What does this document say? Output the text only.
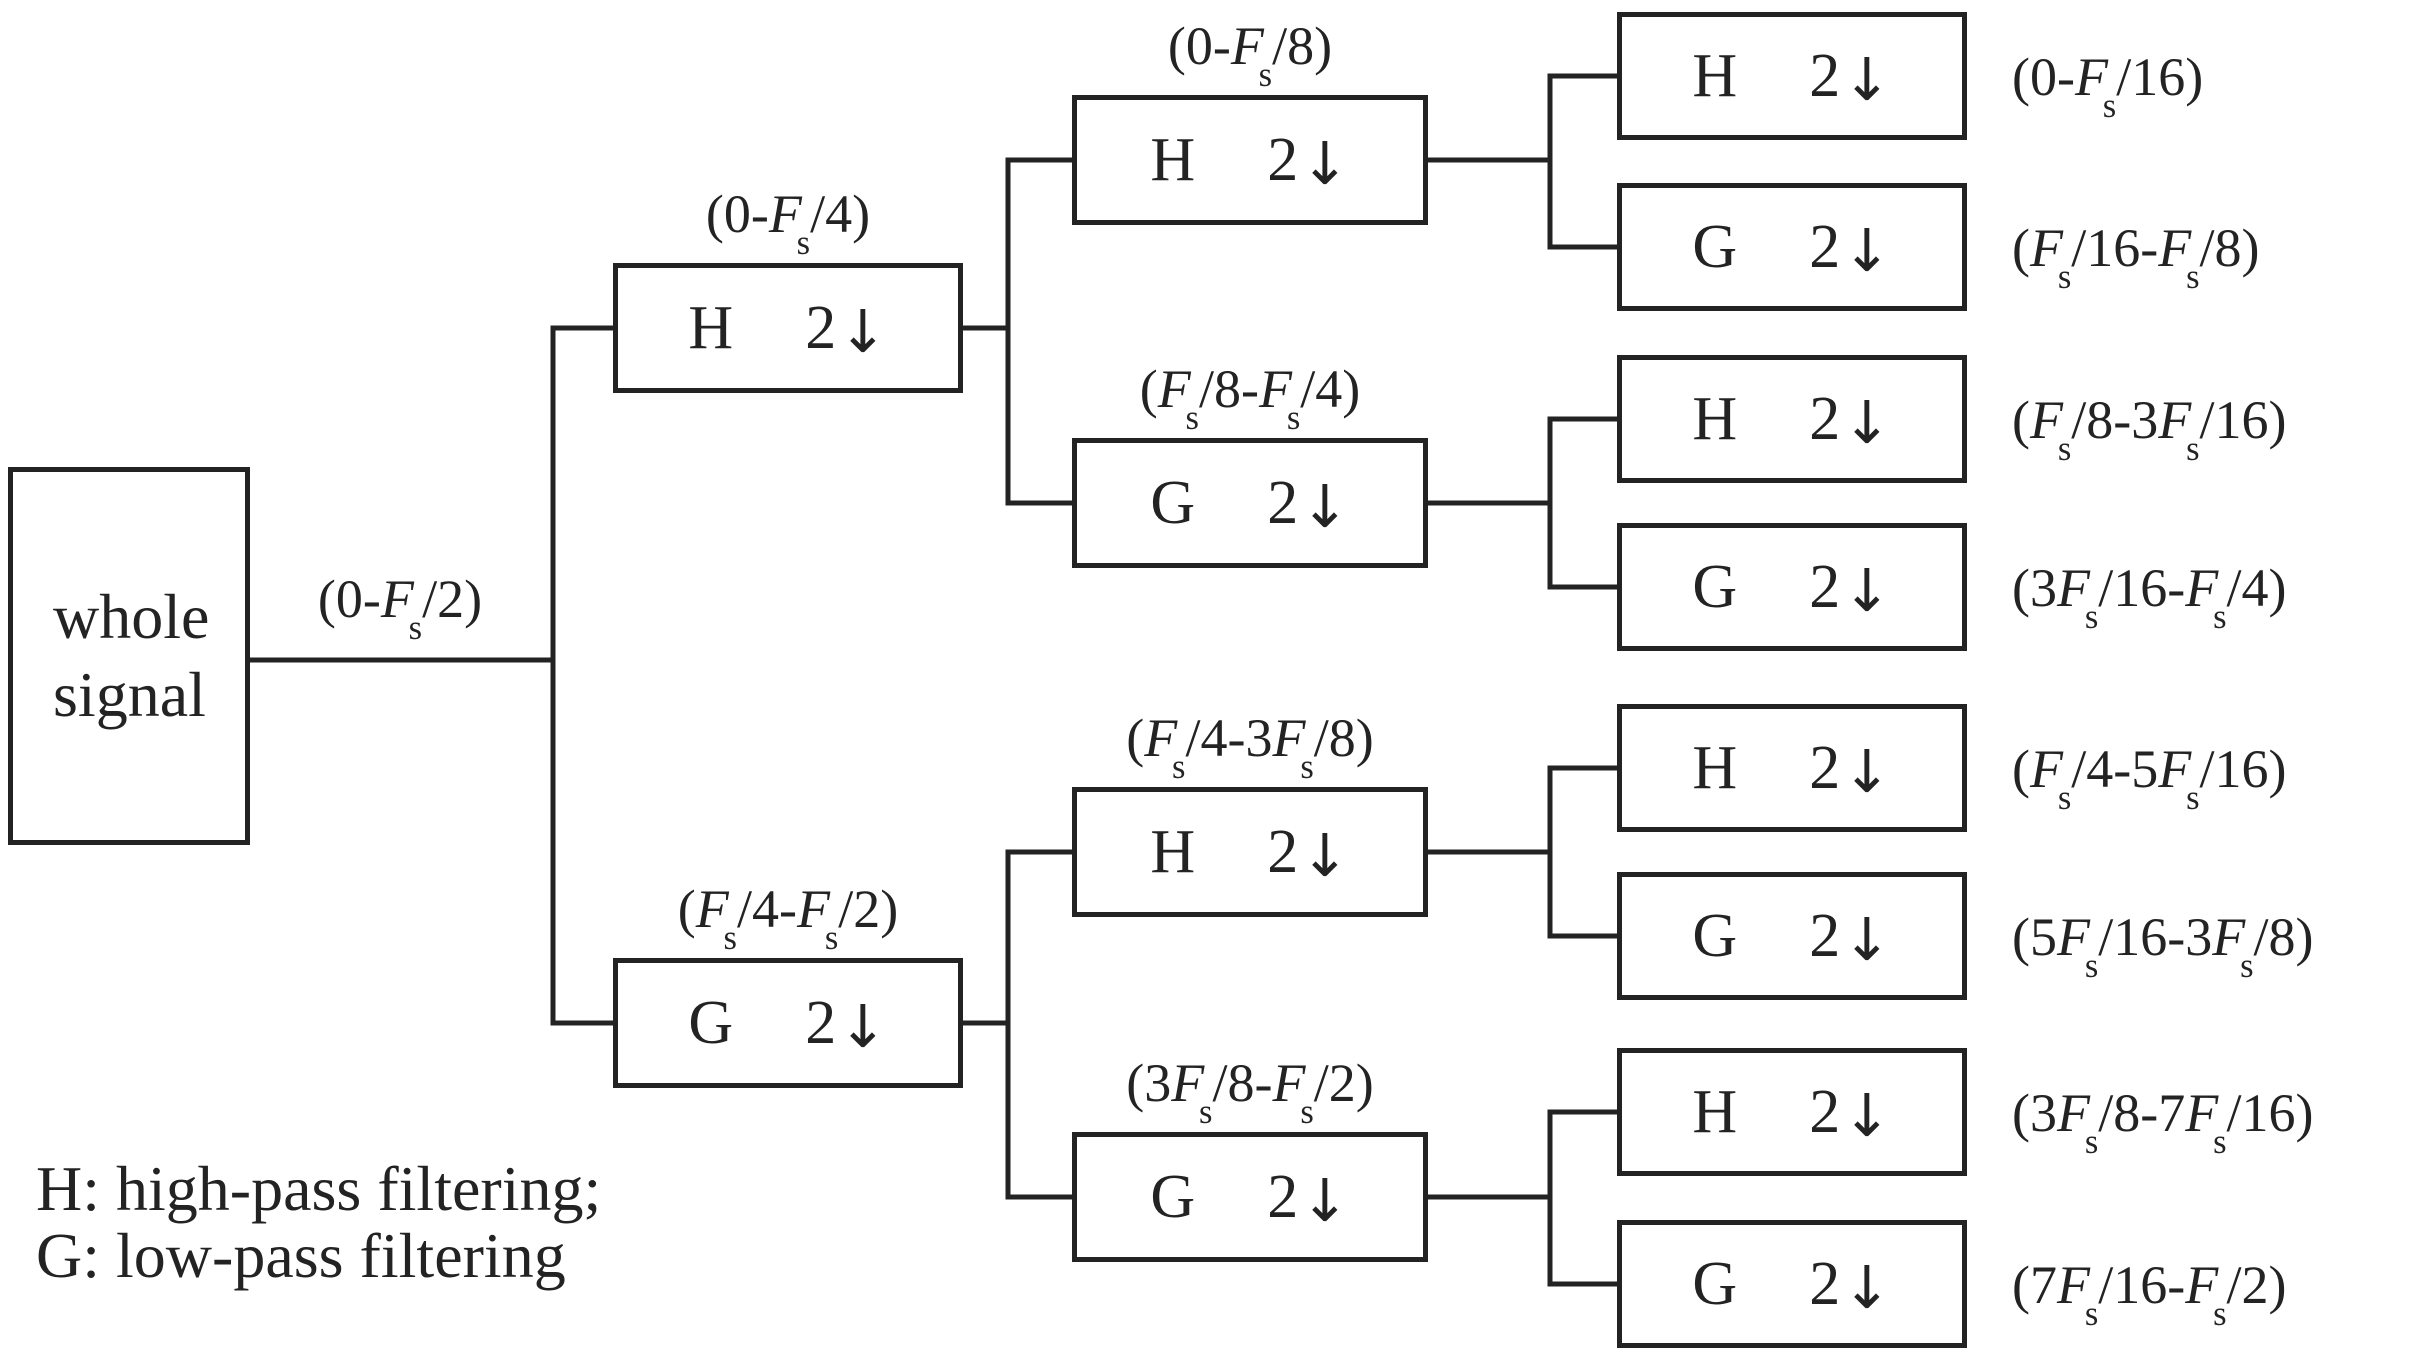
whole
signal
H 2 ↓
$(0-F_s/4)$
G 2 ↓
$(F_s/4-F_s/2)$
H 2 ↓
$(0-F_s/8)$
G 2 ↓
$(F_s/8-F_s/4)$
H 2 ↓
$(F_s/4-3F_s/8)$
G 2 ↓
$(3F_s/8-F_s/2)$
H 2 ↓ $(0-F_s/16)$
G 2 ↓ $(F_s/16-F_s/8)$
H 2 ↓ $(F_s/8-3F_s/16)$
G 2 ↓ $(3F_s/16-F_s/4)$
H 2 ↓ $(F_s/4-5F_s/16)$
G 2 ↓ $(5F_s/16-3F_s/8)$
H 2 ↓ $(3F_s/8-7F_s/16)$
G 2 ↓ $(7F_s/16-F_s/2)$
$(0-F_s/2)$
H: high-pass filtering;
G: low-pass filtering
